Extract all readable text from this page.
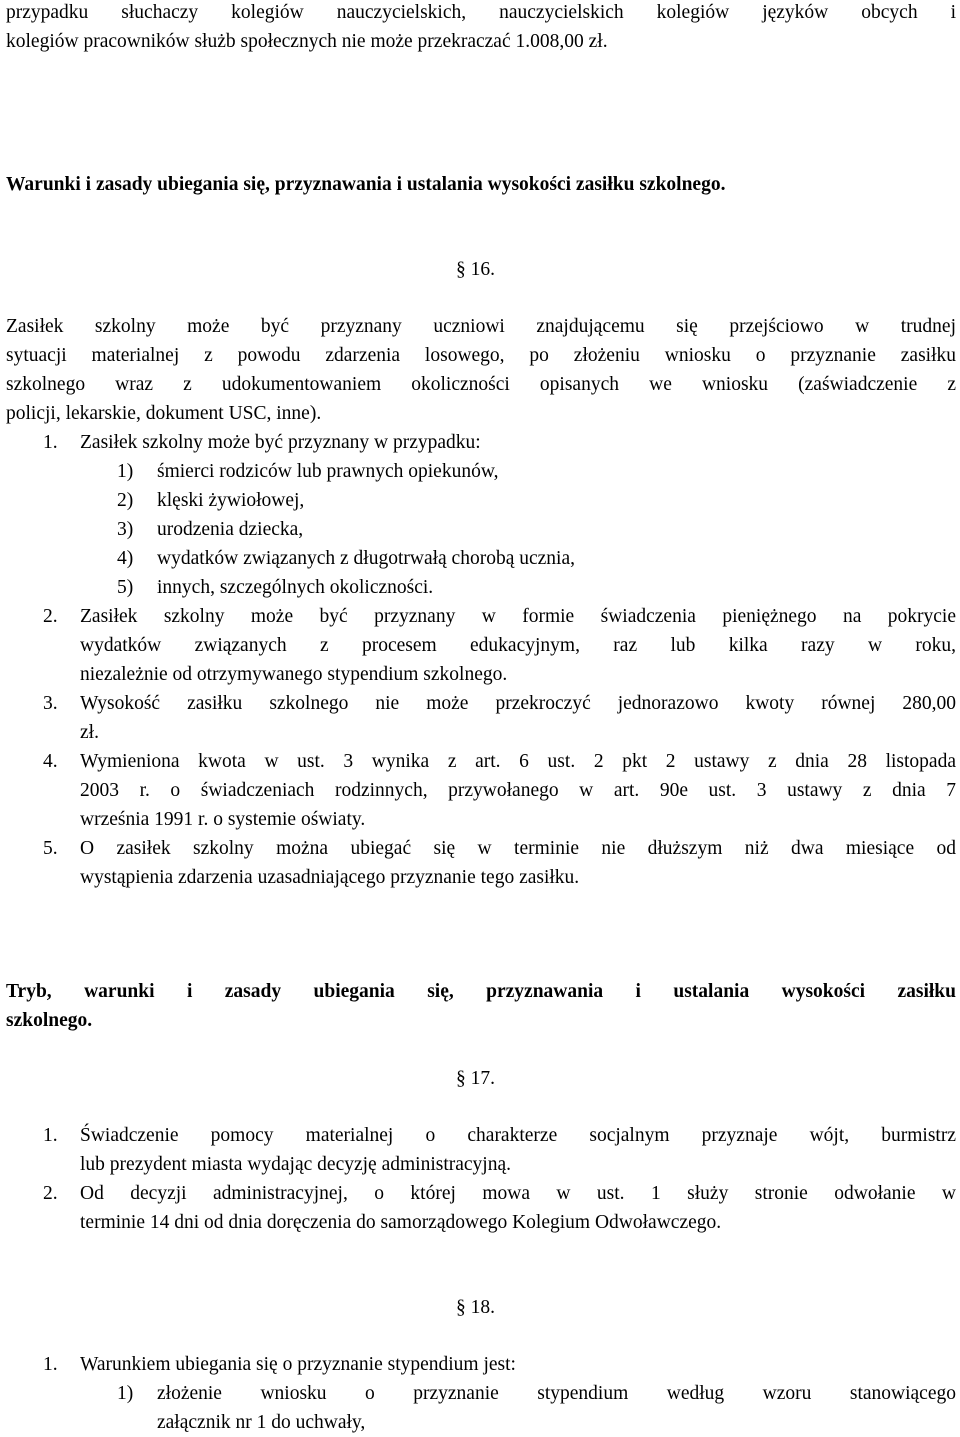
przypadku słuchaczy kolegiów nauczycielskich, nauczycielskich kolegiów języków obcych i
kolegiów pracowników służb społecznych nie może przekraczać 1.008,00 zł.
Warunki i zasady ubiegania się, przyznawania i ustalania wysokości zasiłku szkolnego.
§ 16.
Zasiłek szkolny może być przyznany uczniowi znajdującemu się przejściowo w trudnej
sytuacji materialnej z powodu zdarzenia losowego, po złożeniu wniosku o przyznanie zasiłku
szkolnego wraz z udokumentowaniem okoliczności opisanych we wniosku (zaświadczenie z
policji, lekarskie, dokument USC, inne).
1. Zasiłek szkolny może być przyznany w przypadku:
1) śmierci rodziców lub prawnych opiekunów,
2) klęski żywiołowej,
3) urodzenia dziecka,
4) wydatków związanych z długotrwałą chorobą ucznia,
5) innych, szczególnych okoliczności.
2. Zasiłek szkolny może być przyznany w formie świadczenia pieniężnego na pokrycie
wydatków związanych z procesem edukacyjnym, raz lub kilka razy w roku,
niezależnie od otrzymywanego stypendium szkolnego.
3. Wysokość zasiłku szkolnego nie może przekroczyć jednorazowo kwoty równej 280,00
zł.
4. Wymieniona kwota w ust. 3 wynika z art. 6 ust. 2 pkt 2 ustawy z dnia 28 listopada
2003 r. o świadczeniach rodzinnych, przywołanego w art. 90e ust. 3 ustawy z dnia 7
września 1991 r. o systemie oświaty.
5. O zasiłek szkolny można ubiegać się w terminie nie dłuższym niż dwa miesiące od
wystąpienia zdarzenia uzasadniającego przyznanie tego zasiłku.
Tryb, warunki i zasady ubiegania się, przyznawania i ustalania wysokości zasiłku
szkolnego.
§ 17.
1. Świadczenie pomocy materialnej o charakterze socjalnym przyznaje wójt, burmistrz
lub prezydent miasta wydając decyzję administracyjną.
2. Od decyzji administracyjnej, o której mowa w ust. 1 służy stronie odwołanie w
terminie 14 dni od dnia doręczenia do samorządowego Kolegium Odwoławczego.
§ 18.
1. Warunkiem ubiegania się o przyznanie stypendium jest:
1) złożenie wniosku o przyznanie stypendium według wzoru stanowiącego
załącznik nr 1 do uchwały,
